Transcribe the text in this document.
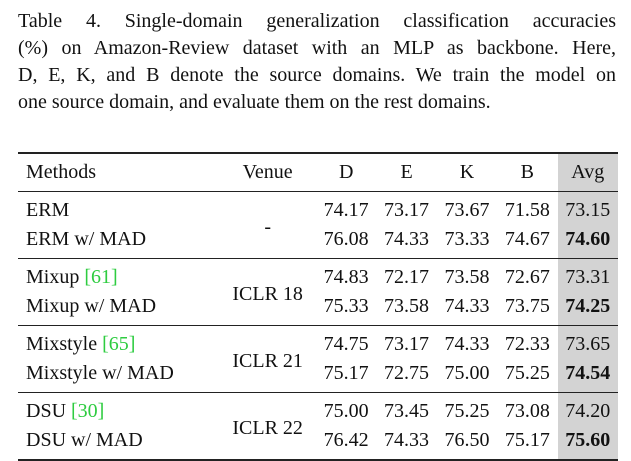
Table 4. Single-domain generalization classification accuracies
(%) on Amazon-Review dataset with an MLP as backbone. Here,
D, E, K, and B denote the source domains. We train the model on
one source domain, and evaluate them on the rest domains.
Methods	Venue	D	E	K	B	Avg
ERM	-	74.17	73.17	73.67	71.58	73.15
ERM w/ MAD		76.08	74.33	73.33	74.67	74.60
Mixup [61]	ICLR 18	74.83	72.17	73.58	72.67	73.31
Mixup w/ MAD		75.33	73.58	74.33	73.75	74.25
Mixstyle [65]	ICLR 21	74.75	73.17	74.33	72.33	73.65
Mixstyle w/ MAD		75.17	72.75	75.00	75.25	74.54
DSU [30]	ICLR 22	75.00	73.45	75.25	73.08	74.20
DSU w/ MAD		76.42	74.33	76.50	75.17	75.60
